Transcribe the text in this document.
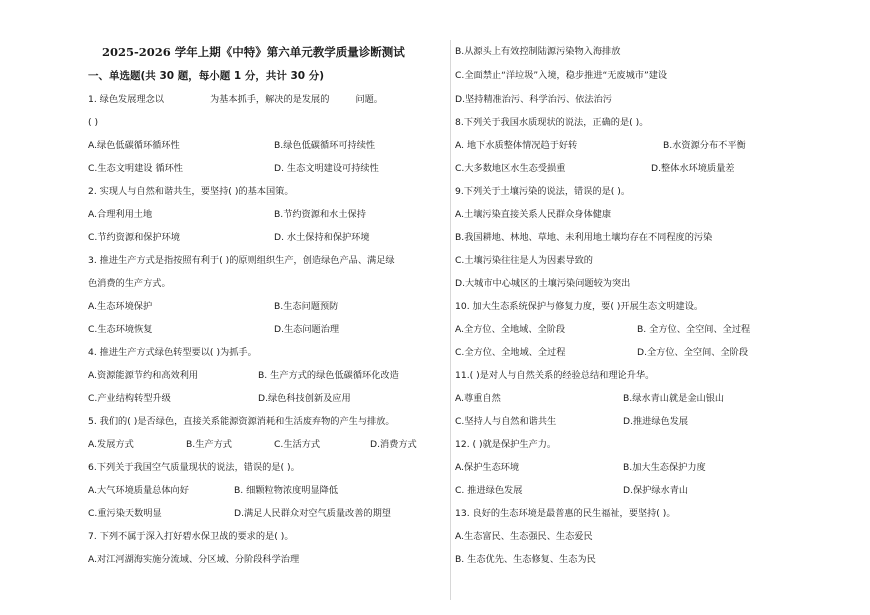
2025-2026 学年上期《中特》第六单元教学质量诊断测试
一、单选题(共 30 题，每小题 1 分，共计 30 分)
1. 绿色发展理念以	为基本抓手，解决的是发展的	问题。
( )
A.绿色低碳循环循环性	B.绿色低碳循环可持续性
C.生态文明建设 循环性	D. 生态文明建设可持续性
2. 实现人与自然和谐共生，要坚持( )的基本国策。
A.合理利用土地	B.节约资源和水土保持
C.节约资源和保护环境	D. 水土保持和保护环境
3. 推进生产方式是指按照有利于( )的原则组织生产，创造绿色产品、满足绿
色消费的生产方式。
A.生态环境保护	B.生态问题预防
C.生态环境恢复	D.生态问题治理
4. 推进生产方式绿色转型要以( )为抓手。
A.资源能源节约和高效利用	B. 生产方式的绿色低碳循环化改造
C.产业结构转型升级	D.绿色科技创新及应用
5. 我们的( )是否绿色，直接关系能源资源消耗和生活废弃物的产生与排放。
A.发展方式	B.生产方式	C.生活方式	D.消费方式
6.下列关于我国空气质量现状的说法，错误的是( )。
A.大气环境质量总体向好	B. 细颗粒物浓度明显降低
C.重污染天数明显	D.满足人民群众对空气质量改善的期望
7. 下列不属于深入打好碧水保卫战的要求的是( )。
A.对江河湖海实施分流域、分区域、分阶段科学治理
B.从源头上有效控制陆源污染物入海排放
C.全面禁止“洋垃圾”入境，稳步推进“无废城市”建设
D.坚持精准治污、科学治污、依法治污
8.下列关于我国水质现状的说法，正确的是( )。
A. 地下水质整体情况趋于好转	B.水资源分布不平衡
C.大多数地区水生态受损重	D.整体水环境质量差
9.下列关于土壤污染的说法，错误的是( )。
A.土壤污染直接关系人民群众身体健康
B.我国耕地、林地、草地、未利用地土壤均存在不同程度的污染
C.土壤污染往往是人为因素导致的
D.大城市中心城区的土壤污染问题较为突出
10. 加大生态系统保护与修复力度，要( )开展生态文明建设。
A.全方位、全地域、全阶段	B. 全方位、全空间、全过程
C.全方位、全地域、全过程	D.全方位、全空间、全阶段
11.( )是对人与自然关系的经验总结和理论升华。
A.尊重自然	B.绿水青山就是金山银山
C.坚持人与自然和谐共生	D.推进绿色发展
12. ( )就是保护生产力。
A.保护生态环境	B.加大生态保护力度
C. 推进绿色发展	D.保护绿水青山
13. 良好的生态环境是最普惠的民生福祉，要坚持( )。
A.生态富民、生态强民、生态爱民
B. 生态优先、生态修复、生态为民
